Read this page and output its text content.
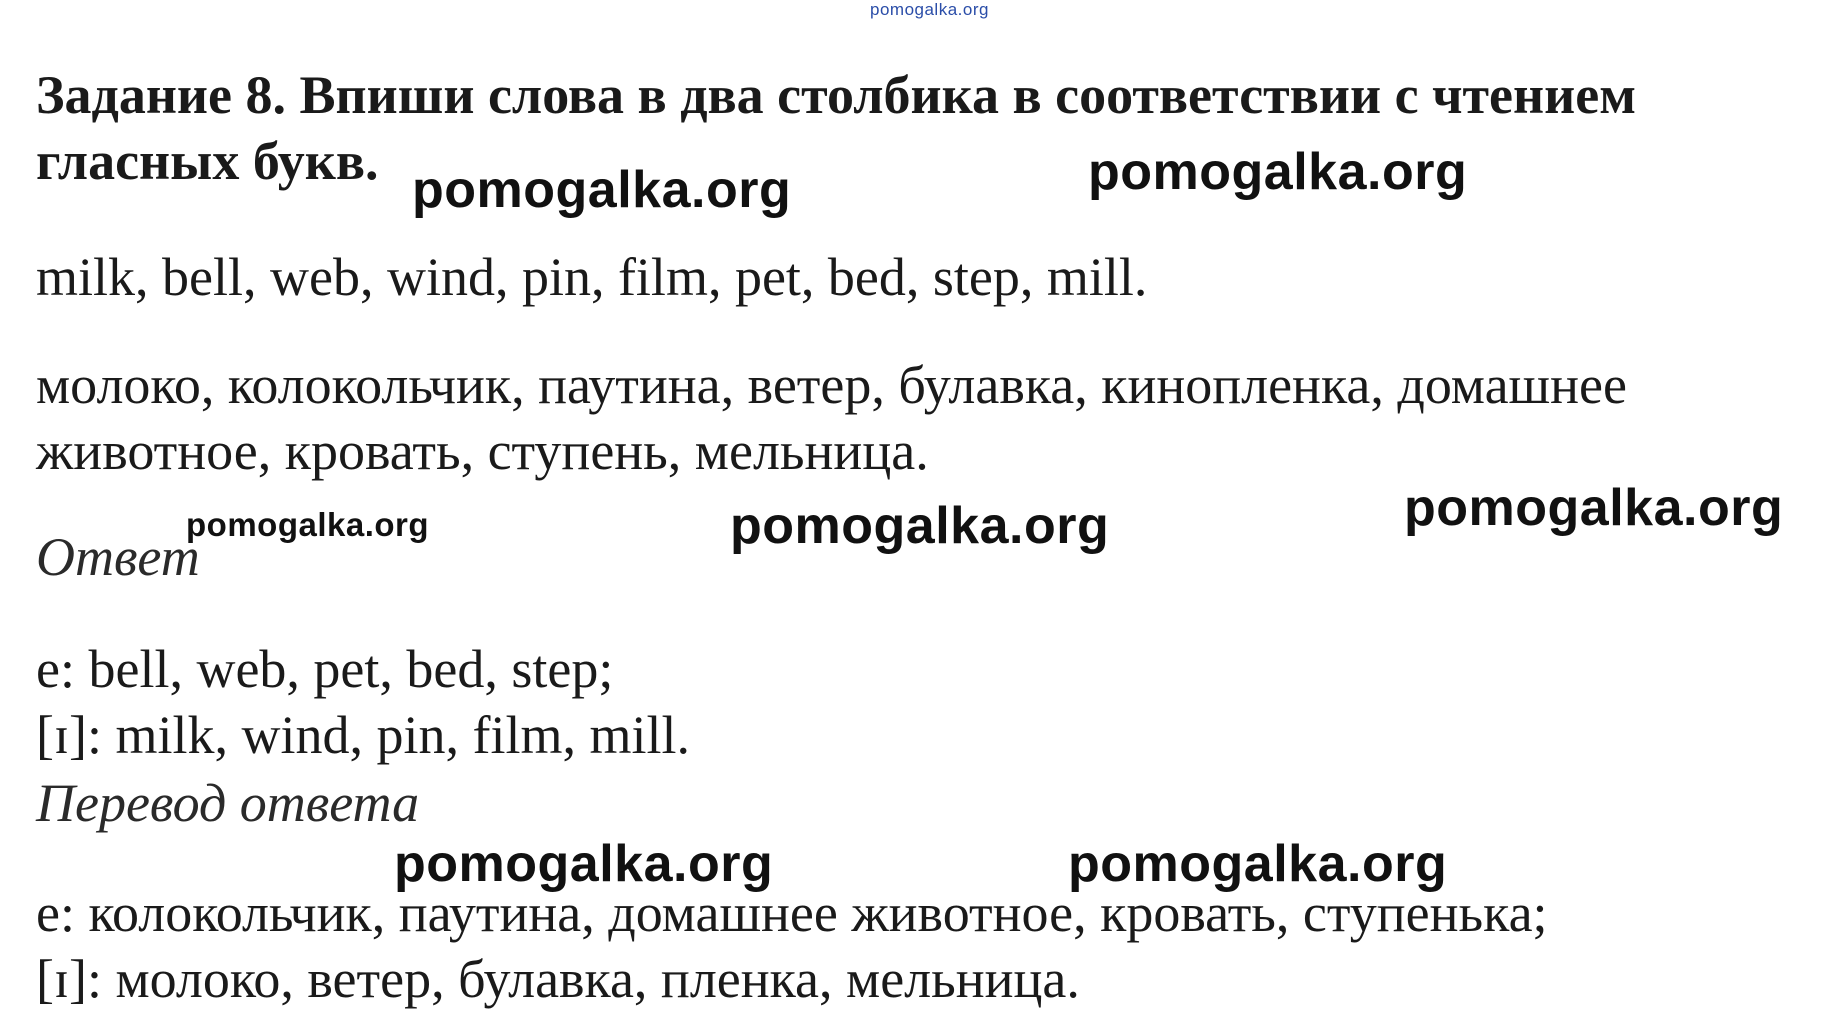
pomogalka.org
Задание 8. Впиши слова в два столбика в соответствии с чтением гласных букв.
milk, bell, web, wind, pin, film, pet, bed, step, mill.
молоко, колокольчик, паутина, ветер, булавка, кинопленка, домашнее
животное, кровать, ступень, мельница.
Ответ
e: bell, web, pet, bed, step;
[ɪ]: milk, wind, pin, film, mill.
Перевод ответа
e: колокольчик, паутина, домашнее животное, кровать, ступенька;
[ɪ]: молоко, ветер, булавка, пленка, мельница.
pomogalka.org	pomogalka.org
pomogalka.org	pomogalka.org	pomogalka.org
pomogalka.org	pomogalka.org
